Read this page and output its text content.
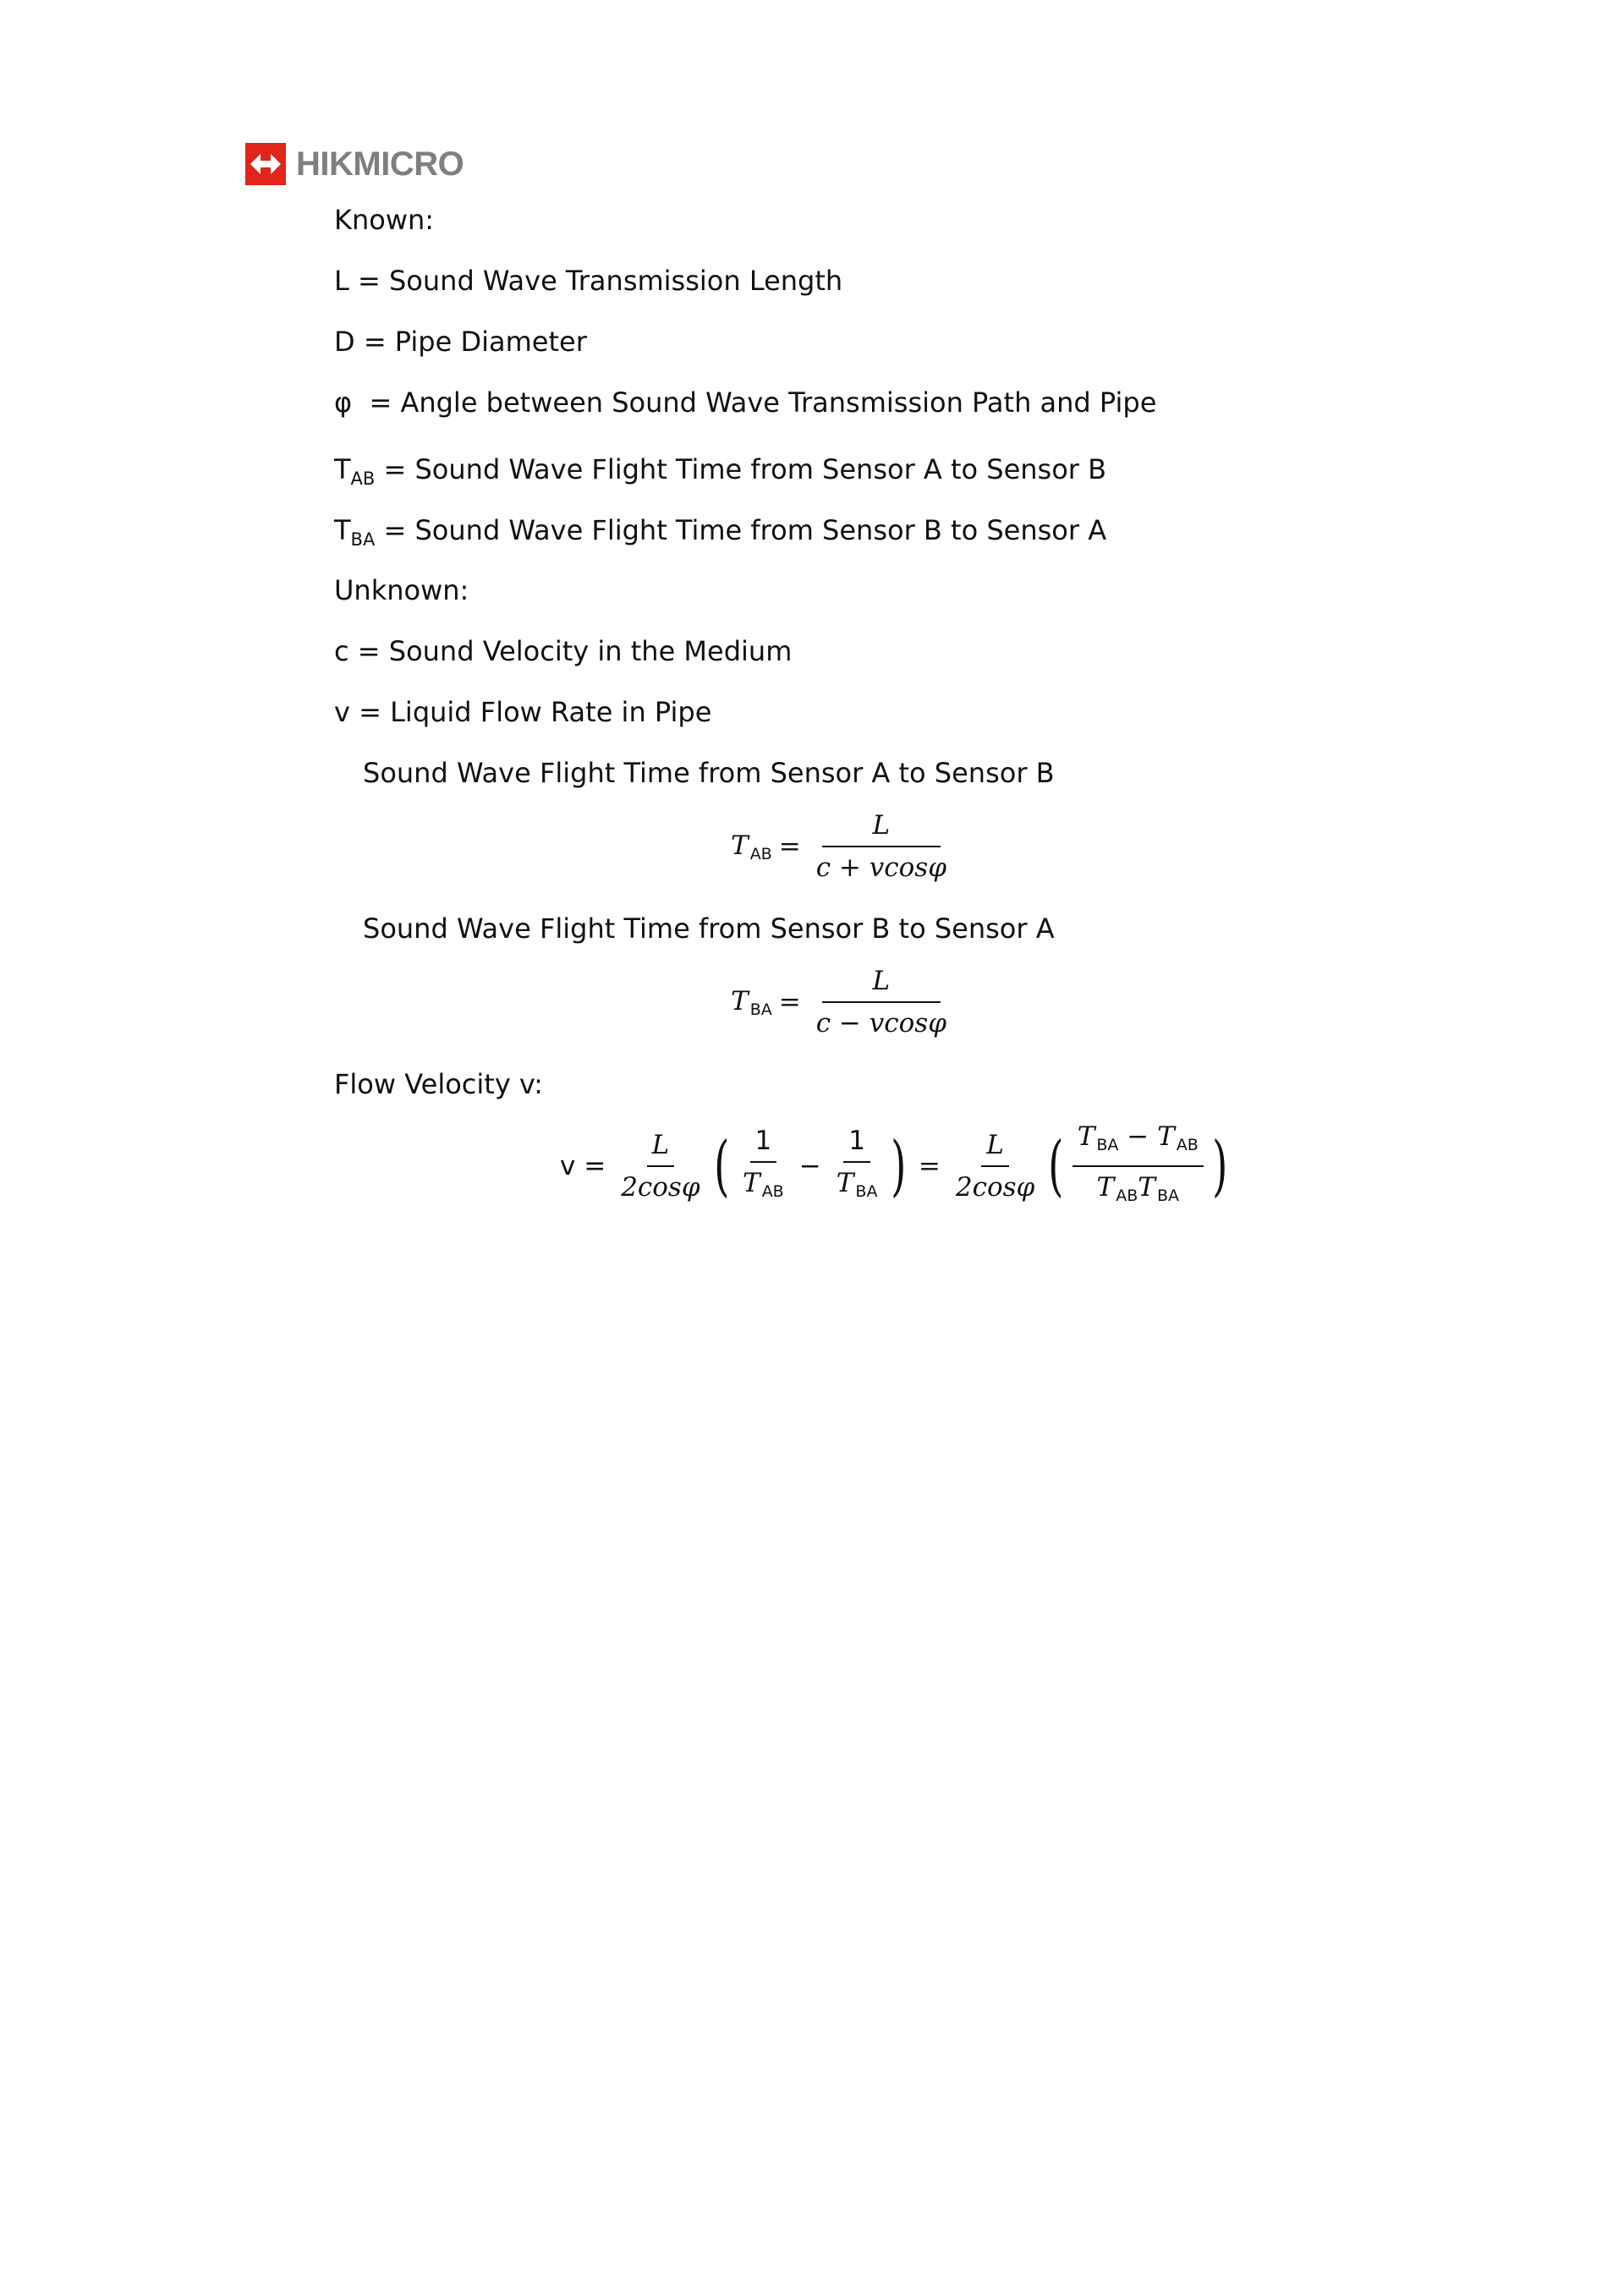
HIKMICRO
Known:
L = Sound Wave Transmission Length
D = Pipe Diameter
φ  = Angle between Sound Wave Transmission Path and Pipe
$T_{AB}$ = Sound Wave Flight Time from Sensor A to Sensor B
$T_{BA}$ = Sound Wave Flight Time from Sensor B to Sensor A
Unknown:
c = Sound Velocity in the Medium
v = Liquid Flow Rate in Pipe
Sound Wave Flight Time from Sensor A to Sensor B
TAB = $\frac{L}{c + vcos\varphi}$
Sound Wave Flight Time from Sensor B to Sensor A
TBA = $\frac{L}{c - vcos\varphi}$
Flow Velocity v:
$v = \frac{L}{2\cos\varphi}$ ( $\frac{1}{\text{T AB}} - \frac{1}{\text{T BA}}$ ) = $\frac{L}{2\cos\varphi}$ ( $\frac{\text{T BA − T AB}}{\text{T ABT BA}}$ )
